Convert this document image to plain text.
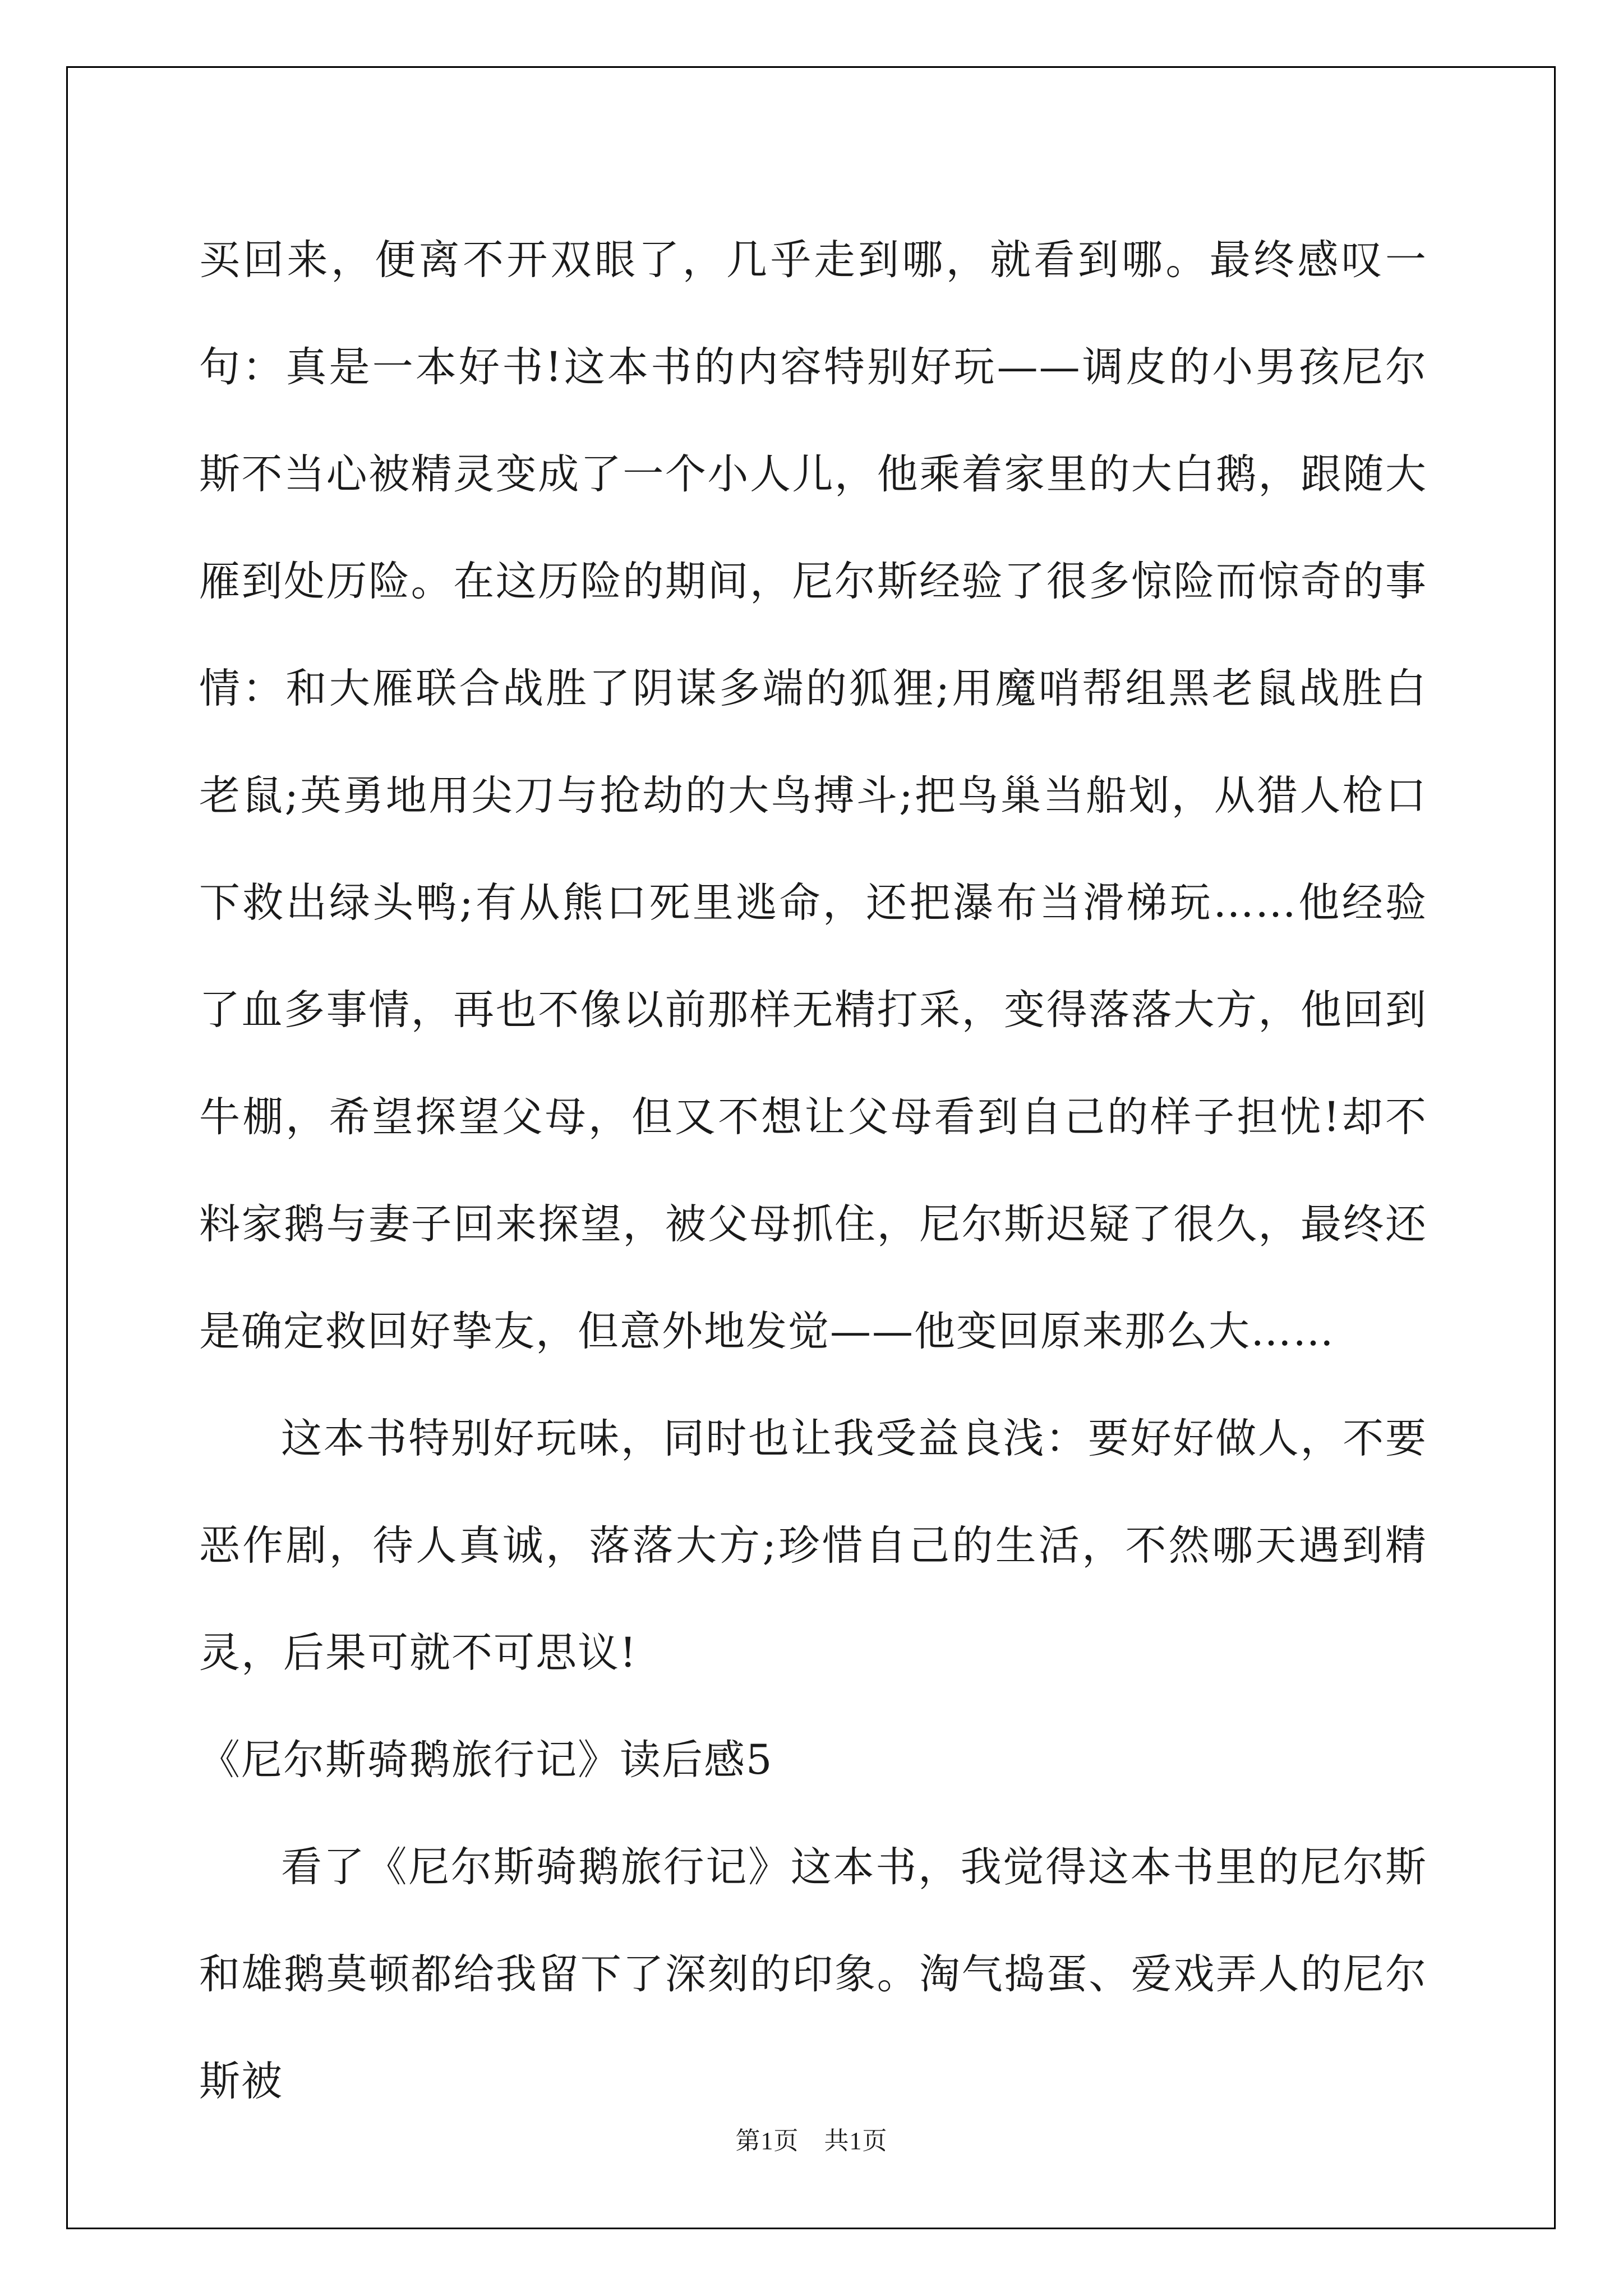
买回来，便离不开双眼了，几乎走到哪，就看到哪。最终感叹一句：真是一本好书!这本书的内容特别好玩——调皮的小男孩尼尔斯不当心被精灵变成了一个小人儿，他乘着家里的大白鹅，跟随大雁到处历险。在这历险的期间，尼尔斯经验了很多惊险而惊奇的事情：和大雁联合战胜了阴谋多端的狐狸;用魔哨帮组黑老鼠战胜白老鼠;英勇地用尖刀与抢劫的大鸟搏斗;把鸟巢当船划，从猎人枪口下救出绿头鸭;有从熊口死里逃命，还把瀑布当滑梯玩……他经验了血多事情，再也不像以前那样无精打采，变得落落大方，他回到牛棚，希望探望父母，但又不想让父母看到自己的样子担忧!却不料家鹅与妻子回来探望，被父母抓住，尼尔斯迟疑了很久，最终还是确定救回好挚友，但意外地发觉——他变回原来那么大……

这本书特别好玩味，同时也让我受益良浅：要好好做人，不要恶作剧，待人真诚，落落大方;珍惜自己的生活，不然哪天遇到精灵，后果可就不可思议!

《尼尔斯骑鹅旅行记》读后感5

看了《尼尔斯骑鹅旅行记》这本书，我觉得这本书里的尼尔斯和雄鹅莫顿都给我留下了深刻的印象。淘气捣蛋、爱戏弄人的尼尔斯被

第1页　共1页
